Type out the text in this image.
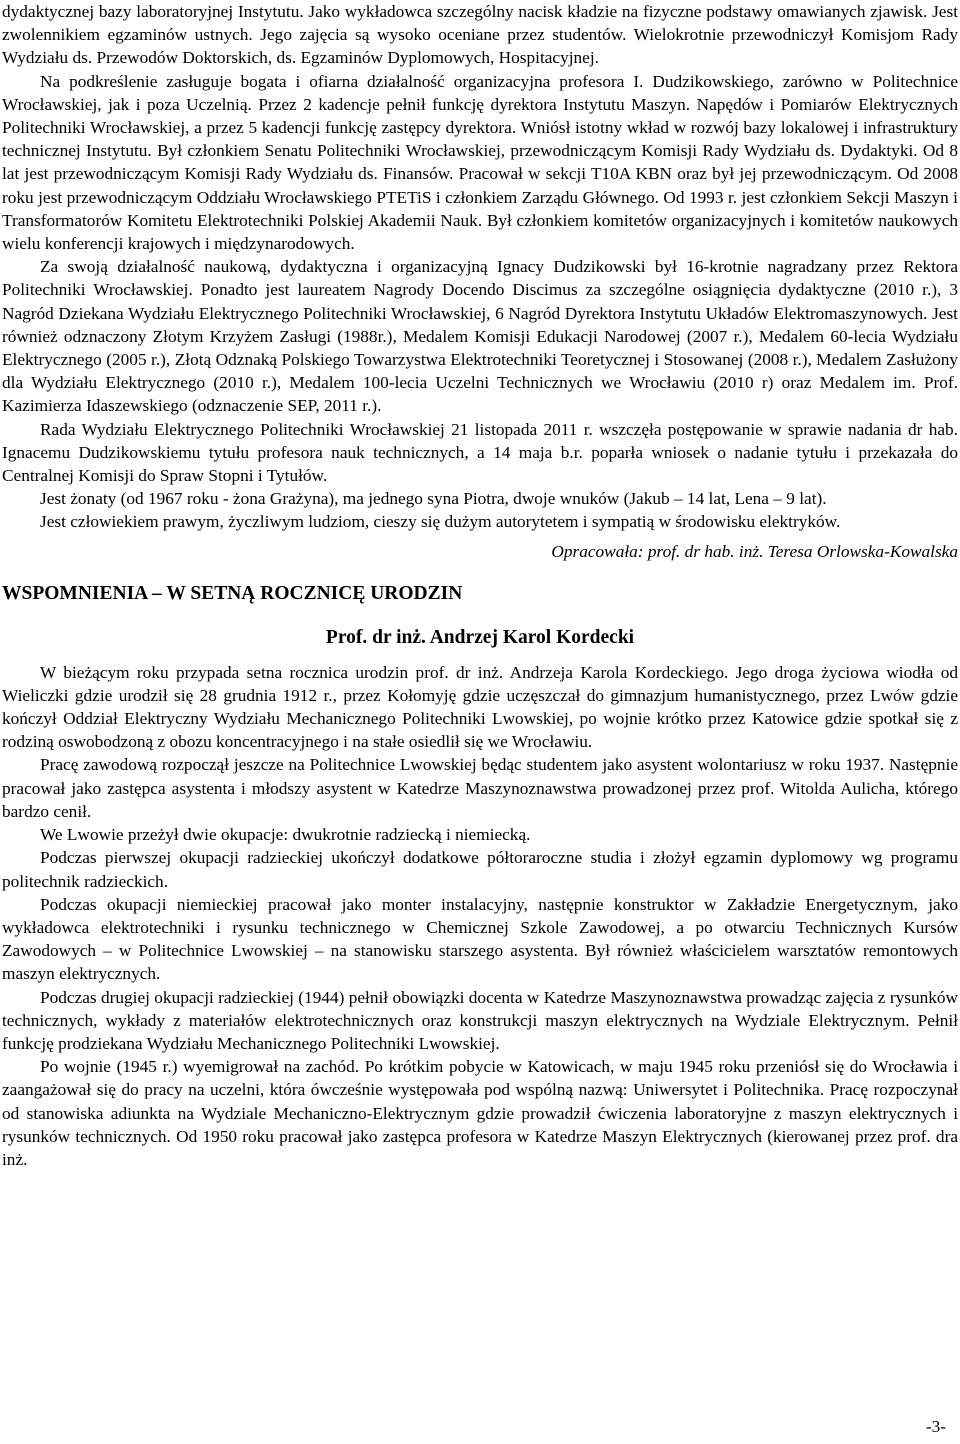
dydaktycznej bazy laboratoryjnej Instytutu. Jako wykładowca szczególny nacisk kładzie na fizyczne podstawy omawianych zjawisk. Jest zwolennikiem egzaminów ustnych. Jego zajęcia są wysoko oceniane przez studentów. Wielokrotnie przewodniczył Komisjom Rady Wydziału ds. Przewodów Doktorskich, ds. Egzaminów Dyplomowych, Hospitacyjnej.

Na podkreślenie zasługuje bogata i ofiarna działalność organizacyjna profesora I. Dudzikowskiego, zarówno w Politechnice Wrocławskiej, jak i poza Uczelnią. Przez 2 kadencje pełnił funkcję dyrektora Instytutu Maszyn. Napędów i Pomiarów Elektrycznych Politechniki Wrocławskiej, a przez 5 kadencji funkcję zastępcy dyrektora. Wniósł istotny wkład w rozwój bazy lokalowej i infrastruktury technicznej Instytutu. Był członkiem Senatu Politechniki Wrocławskiej, przewodniczącym Komisji Rady Wydziału ds. Dydaktyki. Od 8 lat jest przewodniczącym Komisji Rady Wydziału ds. Finansów. Pracował w sekcji T10A KBN oraz był jej przewodniczącym. Od 2008 roku jest przewodniczącym Oddziału Wrocławskiego PTETiS i członkiem Zarządu Głównego. Od 1993 r. jest członkiem Sekcji Maszyn i Transformatorów Komitetu Elektrotechniki Polskiej Akademii Nauk. Był członkiem komitetów organizacyjnych i komitetów naukowych wielu konferencji krajowych i międzynarodowych.

Za swoją działalność naukową, dydaktyczna i organizacyjną Ignacy Dudzikowski był 16-krotnie nagradzany przez Rektora Politechniki Wrocławskiej. Ponadto jest laureatem Nagrody Docendo Discimus za szczególne osiągnięcia dydaktyczne (2010 r.), 3 Nagród Dziekana Wydziału Elektrycznego Politechniki Wrocławskiej, 6 Nagród Dyrektora Instytutu Układów Elektromaszynowych. Jest również odznaczony Złotym Krzyżem Zasługi (1988r.), Medalem Komisji Edukacji Narodowej (2007 r.), Medalem 60-lecia Wydziału Elektrycznego (2005 r.), Złotą Odznaką Polskiego Towarzystwa Elektrotechniki Teoretycznej i Stosowanej (2008 r.), Medalem Zasłużony dla Wydziału Elektrycznego (2010 r.), Medalem 100-lecia Uczelni Technicznych we Wrocławiu (2010 r) oraz Medalem im. Prof. Kazimierza Idaszewskiego (odznaczenie SEP, 2011 r.).

Rada Wydziału Elektrycznego Politechniki Wrocławskiej 21 listopada 2011 r. wszczęła postępowanie w sprawie nadania dr hab. Ignacemu Dudzikowskiemu tytułu profesora nauk technicznych, a 14 maja b.r. poparła wniosek o nadanie tytułu i przekazała do Centralnej Komisji do Spraw Stopni i Tytułów.

Jest żonaty (od 1967 roku - żona Grażyna), ma jednego syna Piotra, dwoje wnuków (Jakub – 14 lat, Lena – 9 lat).

Jest człowiekiem prawym, życzliwym ludziom, cieszy się dużym autorytetem i sympatią w środowisku elektryków.

Opracowała: prof. dr hab. inż. Teresa Orlowska-Kowalska

WSPOMNIENIA – W SETNĄ ROCZNICĘ URODZIN
Prof. dr inż. Andrzej Karol Kordecki

W bieżącym roku przypada setna rocznica urodzin prof. dr inż. Andrzeja Karola Kordeckiego. Jego droga życiowa wiodła od Wieliczki gdzie urodził się 28 grudnia 1912 r., przez Kołomyję gdzie uczęszczał do gimnazjum humanistycznego, przez Lwów gdzie kończył Oddział Elektryczny Wydziału Mechanicznego Politechniki Lwowskiej, po wojnie krótko przez Katowice gdzie spotkał się z rodziną oswobodzoną z obozu koncentracyjnego i na stałe osiedlił się we Wrocławiu.

Pracę zawodową rozpoczął jeszcze na Politechnice Lwowskiej będąc studentem jako asystent wolontariusz w roku 1937. Następnie pracował jako zastępca asystenta i młodszy asystent w Katedrze Maszynoznawstwa prowadzonej przez prof. Witolda Aulicha, którego bardzo cenił.

We Lwowie przeżył dwie okupacje: dwukrotnie radziecką i niemiecką.

Podczas pierwszej okupacji radzieckiej ukończył dodatkowe półtoraroczne studia i złożył egzamin dyplomowy wg programu politechnik radzieckich.

Podczas okupacji niemieckiej pracował jako monter instalacyjny, następnie konstruktor w Zakładzie Energetycznym, jako wykładowca elektrotechniki i rysunku technicznego w Chemicznej Szkole Zawodowej, a po otwarciu Technicznych Kursów Zawodowych – w Politechnice Lwowskiej – na stanowisku starszego asystenta. Był również właścicielem warsztatów remontowych maszyn elektrycznych.

Podczas drugiej okupacji radzieckiej (1944) pełnił obowiązki docenta w Katedrze Maszynoznawstwa prowadząc zajęcia z rysunków technicznych, wykłady z materiałów elektrotechnicznych oraz konstrukcji maszyn elektrycznych na Wydziale Elektrycznym. Pełnił funkcję prodziekana Wydziału Mechanicznego Politechniki Lwowskiej.

Po wojnie (1945 r.) wyemigrował na zachód. Po krótkim pobycie w Katowicach, w maju 1945 roku przeniósł się do Wrocławia i zaangażował się do pracy na uczelni, która ówcześnie występowała pod wspólną nazwą: Uniwersytet i Politechnika. Pracę rozpoczynał od stanowiska adiunkta na Wydziale Mechaniczno-Elektrycznym gdzie prowadził ćwiczenia laboratoryjne z maszyn elektrycznych i rysunków technicznych. Od 1950 roku pracował jako zastępca profesora w Katedrze Maszyn Elektrycznych (kierowanej przez prof. dra inż.

-3-
